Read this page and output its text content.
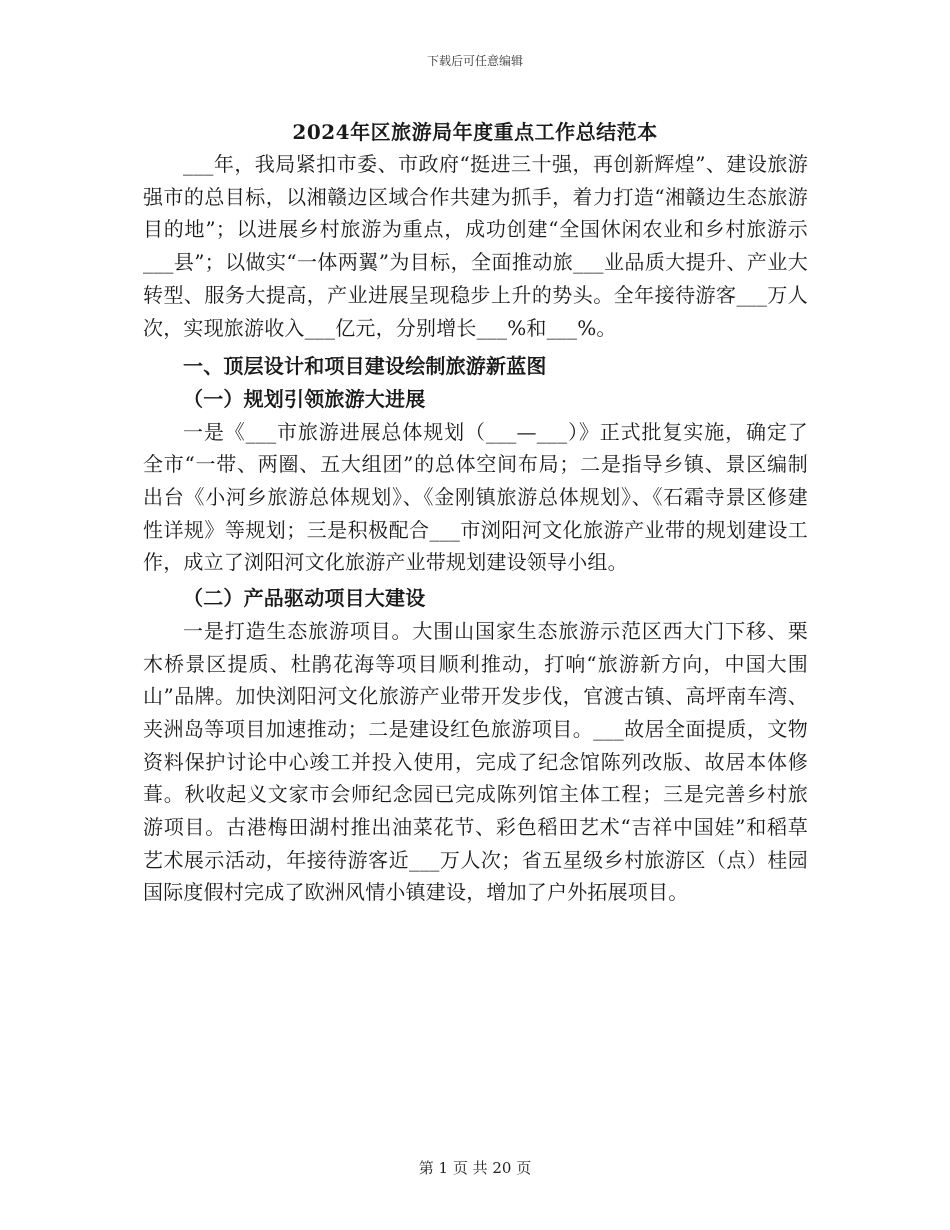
下载后可任意编辑
2024年区旅游局年度重点工作总结范本

___年，我局紧扣市委、市政府“挺进三十强，再创新辉煌”、建设旅游强市的总目标，以湘赣边区域合作共建为抓手，着力打造“湘赣边生态旅游目的地”；以进展乡村旅游为重点，成功创建“全国休闲农业和乡村旅游示___县”；以做实“一体两翼”为目标，全面推动旅___业品质大提升、产业大转型、服务大提高，产业进展呈现稳步上升的势头。全年接待游客___万人次，实现旅游收入___亿元，分别增长___%和___%。

一、顶层设计和项目建设绘制旅游新蓝图

（一）规划引领旅游大进展

一是《___市旅游进展总体规划（___—___）》正式批复实施，确定了全市“一带、两圈、五大组团”的总体空间布局；二是指导乡镇、景区编制出台《小河乡旅游总体规划》、《金刚镇旅游总体规划》、《石霜寺景区修建性详规》等规划；三是积极配合___市浏阳河文化旅游产业带的规划建设工作，成立了浏阳河文化旅游产业带规划建设领导小组。

（二）产品驱动项目大建设

一是打造生态旅游项目。大围山国家生态旅游示范区西大门下移、栗木桥景区提质、杜鹃花海等项目顺利推动，打响“旅游新方向，中国大围山”品牌。加快浏阳河文化旅游产业带开发步伐，官渡古镇、高坪南车湾、夹洲岛等项目加速推动；二是建设红色旅游项目。___故居全面提质，文物资料保护讨论中心竣工并投入使用，完成了纪念馆陈列改版、故居本体修葺。秋收起义文家市会师纪念园已完成陈列馆主体工程；三是完善乡村旅游项目。古港梅田湖村推出油菜花节、彩色稻田艺术“吉祥中国娃”和稻草艺术展示活动，年接待游客近___万人次；省五星级乡村旅游区（点）桂园国际度假村完成了欧洲风情小镇建设，增加了户外拓展项目。

第 1 页 共 20 页
